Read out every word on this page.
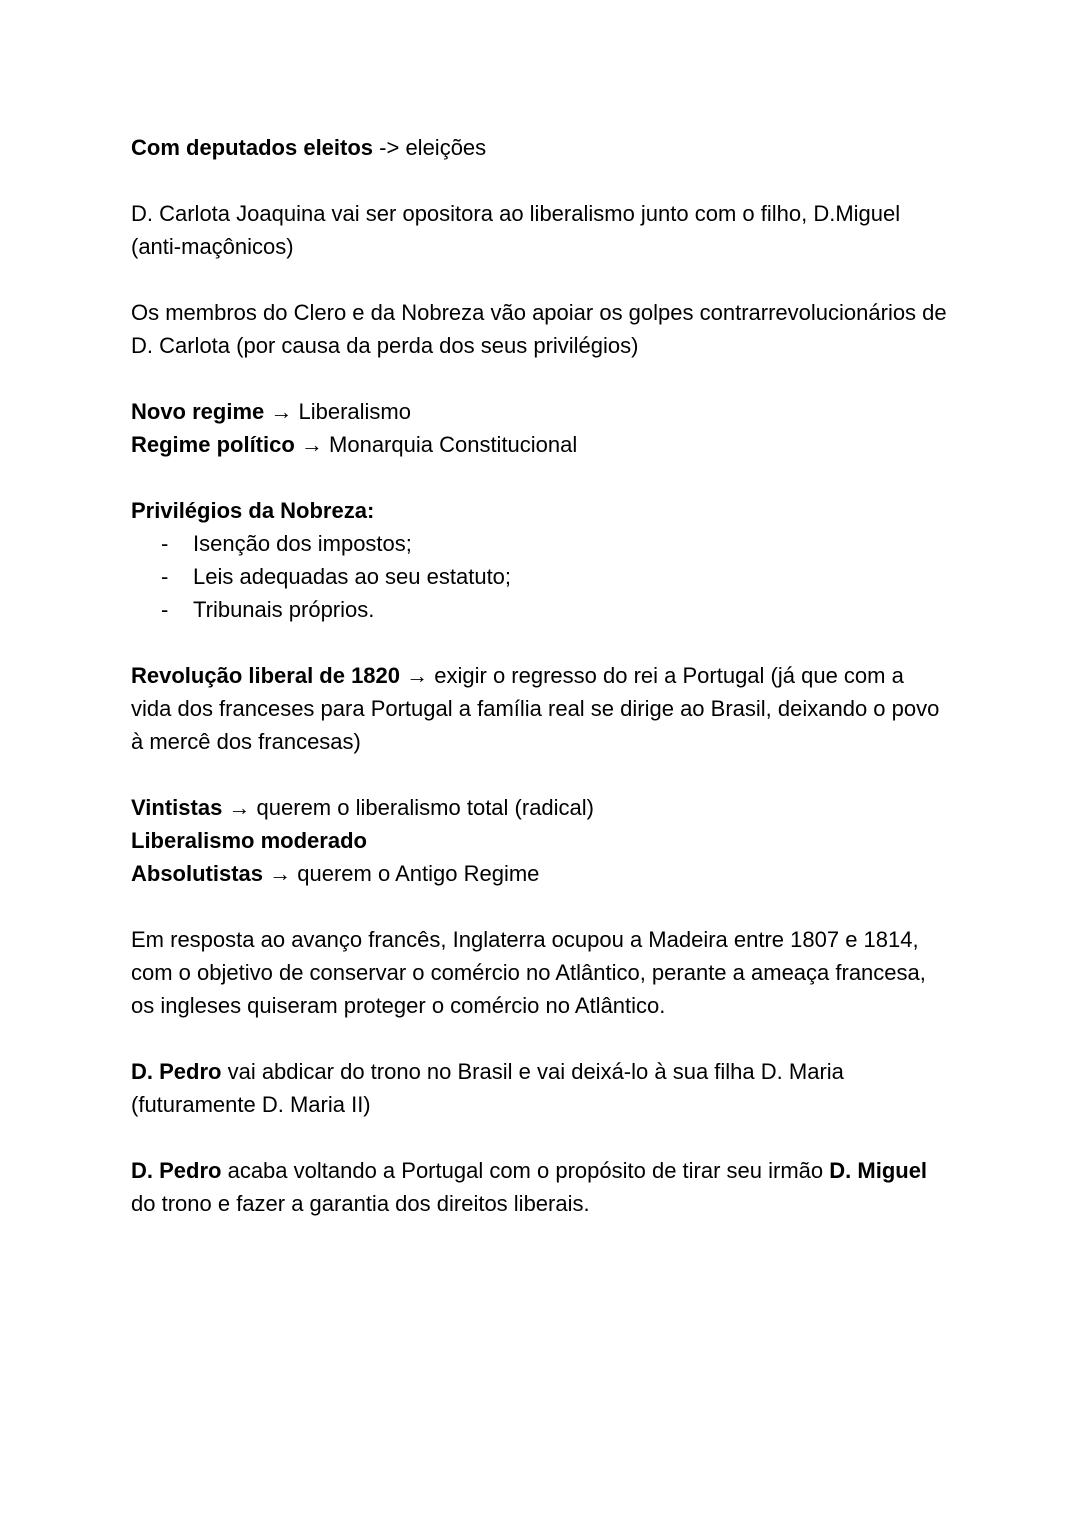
Com deputados eleitos -> eleições
D. Carlota Joaquina vai ser opositora ao liberalismo junto com o filho, D.Miguel (anti-maçônicos)
Os membros do Clero e da Nobreza vão apoiar os golpes contrarrevolucionários de D. Carlota (por causa da perda dos seus privilégios)
Novo regime → Liberalismo
Regime político → Monarquia Constitucional
Privilégios da Nobreza:
-	Isenção dos impostos;
-	Leis adequadas ao seu estatuto;
-	Tribunais próprios.
Revolução liberal de 1820 → exigir o regresso do rei a Portugal (já que com a vida dos franceses para Portugal a família real se dirige ao Brasil, deixando o povo à mercê dos francesas)
Vintistas → querem o liberalismo total (radical)
Liberalismo moderado
Absolutistas → querem o Antigo Regime
Em resposta ao avanço francês, Inglaterra ocupou a Madeira entre 1807 e 1814, com o objetivo de conservar o comércio no Atlântico, perante a ameaça francesa, os ingleses quiseram proteger o comércio no Atlântico.
D. Pedro vai abdicar do trono no Brasil e vai deixá-lo à sua filha D. Maria (futuramente D. Maria II)
D. Pedro acaba voltando a Portugal com o propósito de tirar seu irmão D. Miguel do trono e fazer a garantia dos direitos liberais.
